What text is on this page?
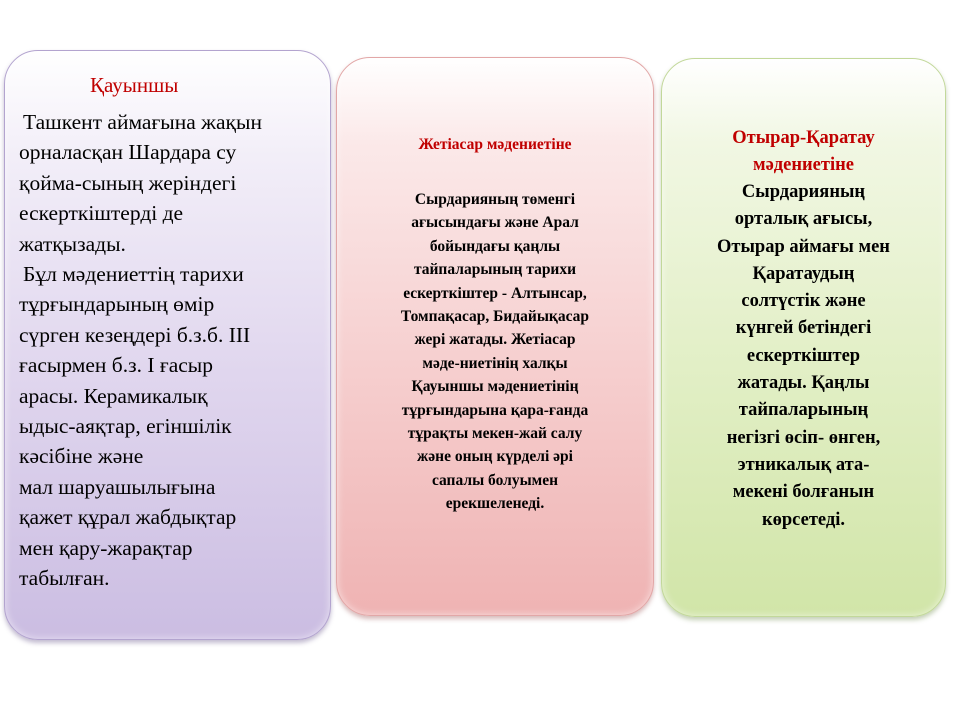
Қауыншы
Ташкент аймағына жақын
орналасқан Шардара су
қойма-сының жеріндегі
ескерткіштерді де
жатқызады.
Бұл мәдениеттің тарихи
тұрғындарының өмір
сүрген кезеңдері б.з.б. ІІІ
ғасырмен б.з. І ғасыр
арасы. Керамикалық
ыдыс-аяқтар, егіншілік
кәсібіне және
мал шаруашылығына
қажет құрал жабдықтар
мен қару-жарақтар
табылған.
Жетіасар мәдениетіне
Сырдарияның төменгі
ағысындағы және Арал
бойындағы қаңлы
тайпаларының тарихи
ескерткіштер - Алтынсар,
Томпақасар, Бидайықасар
жері жатады. Жетіасар
мәде-ниетінің халқы
Қауыншы мәдениетінің
тұрғындарына қара-ғанда
тұрақты мекен-жай салу
және оның күрделі әрі
сапалы болуымен
ерекшеленеді.
Отырар-Қаратау
мәдениетіне
Сырдарияның
орталық ағысы,
Отырар аймағы мен
Қаратаудың
солтүстік және
күнгей бетіндегі
ескерткіштер
жатады. Қаңлы
тайпаларының
негізгі өсіп- өнген,
этникалық ата-
мекені болғанын
көрсетеді.
